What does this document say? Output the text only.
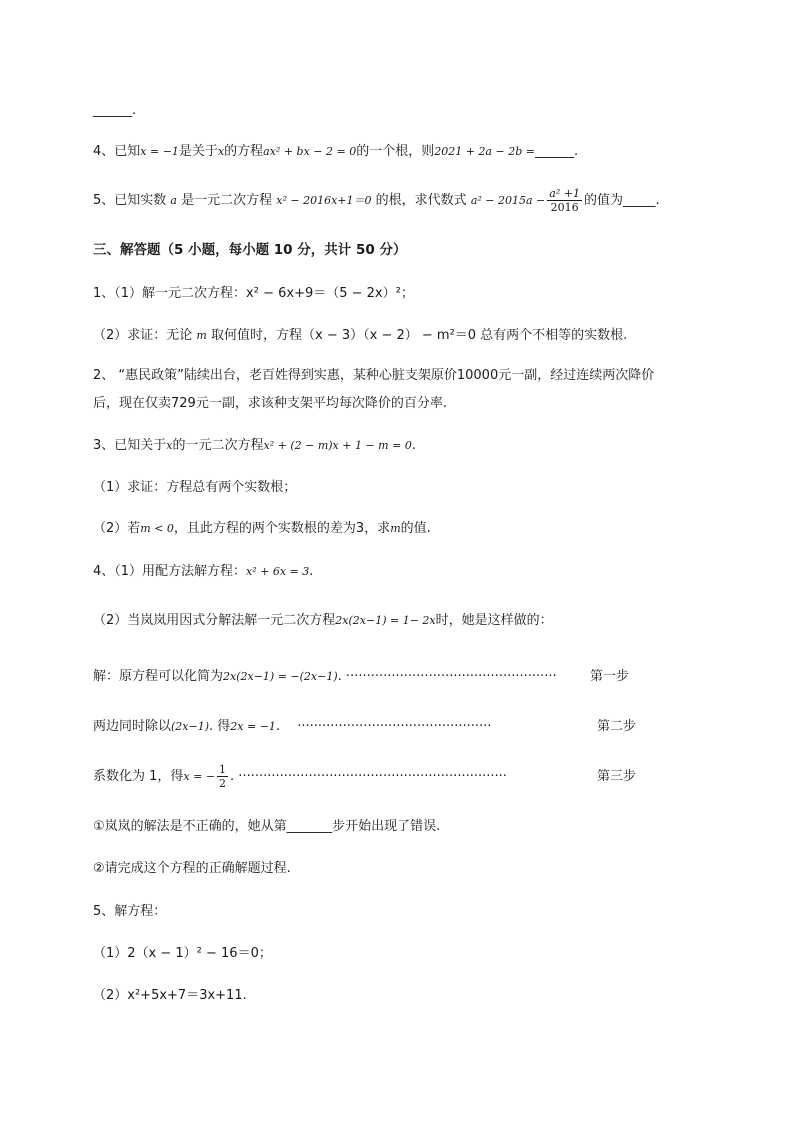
______.
4、已知x = −1是关于x的方程ax² + bx − 2 = 0的一个根，则2021 + 2a − 2b =______.
5、已知实数 a 是一元二次方程 x² − 2016x+1＝0 的根，求代数式 $a^2 - 2015a - \frac{\text{a² +1}}{2016}$ 的值为_____.
三、解答题（5 小题，每小题 10 分，共计 50 分）
1、（1）解一元二次方程：x² − 6x+9＝（5 − 2x）²；
（2）求证：无论 m 取何值时，方程（x − 3）（x − 2） − m²＝0 总有两个不相等的实数根.
2、 “惠民政策”陆续出台，老百姓得到实惠，某种心脏支架原价10000元一副，经过连续两次降价
后，现在仅卖729元一副，求该种支架平均每次降价的百分率.
3、已知关于x的一元二次方程x² + (2 − m)x + 1 − m = 0.
（1）求证：方程总有两个实数根；
（2）若m < 0，且此方程的两个实数根的差为3，求m的值.
4、（1）用配方法解方程：x² + 6x = 3.
（2）当岚岚用因式分解法解一元二次方程2x(2x−1) = 1− 2x时，她是这样做的：
解：原方程可以化简为2x(2x−1) = −(2x−1). ···················································	第一步
两边同时除以(2x−1). 得2x = −1.　 ···············································	第二步
系数化为 1，得x = − $\frac{1}{2}$ . ·································································	第三步
①岚岚的解法是不正确的，她从第_______步开始出现了错误.
②请完成这个方程的正确解题过程.
5、解方程：
（1）2（x − 1）² − 16＝0；
（2）x²+5x+7＝3x+11.
